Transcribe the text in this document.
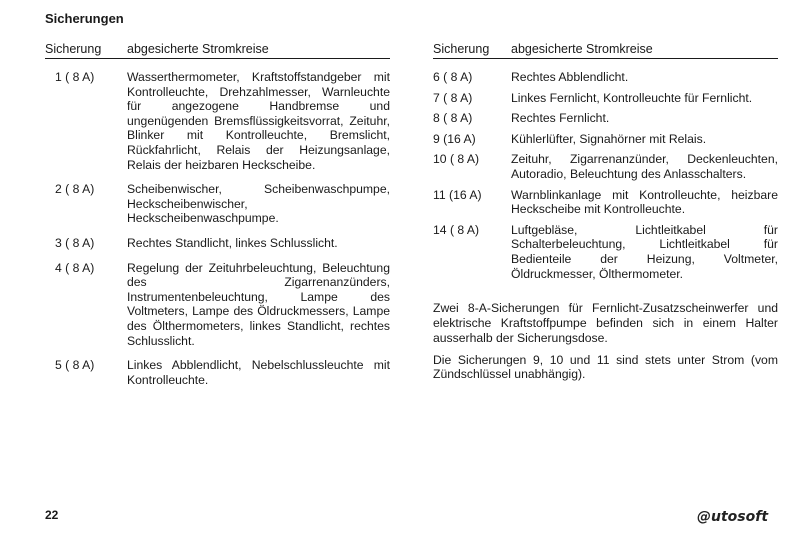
Sicherungen
Sicherung	abgesicherte Stromkreise
1 ( 8 A)	Wasserthermometer, Kraftstoffstandgeber mit Kontrolleuchte, Drehzahlmesser, Warnleuchte für angezogene Handbremse und ungenügenden Bremsflüssigkeitsvorrat, Zeituhr, Blinker mit Kontrolleuchte, Bremslicht, Rückfahrlicht, Relais der Heizungsanlage, Relais der heizbaren Heckscheibe.
2 ( 8 A)	Scheibenwischer, Scheibenwaschpumpe, Heckscheibenwischer, Heckscheibenwaschpumpe.
3 ( 8 A)	Rechtes Standlicht, linkes Schlusslicht.
4 ( 8 A)	Regelung der Zeituhrbeleuchtung, Beleuchtung des Zigarrenanzünders, Instrumentenbeleuchtung, Lampe des Voltmeters, Lampe des Öldruckmessers, Lampe des Ölthermometers, linkes Standlicht, rechtes Schlusslicht.
5 ( 8 A)	Linkes Abblendlicht, Nebelschlussleuchte mit Kontrolleuchte.
Sicherung	abgesicherte Stromkreise
6 ( 8 A)	Rechtes Abblendlicht.
7 ( 8 A)	Linkes Fernlicht, Kontrolleuchte für Fernlicht.
8 ( 8 A)	Rechtes Fernlicht.
9 (16 A)	Kühlerlüfter, Signahörner mit Relais.
10 ( 8 A)	Zeituhr, Zigarrenanzünder, Deckenleuchten, Autoradio, Beleuchtung des Anlasschalters.
11 (16 A)	Warnblinkanlage mit Kontrolleuchte, heizbare Heckscheibe mit Kontrolleuchte.
14 ( 8 A)	Luftgebläse, Lichtleitkabel für Schalterbeleuchtung, Lichtleitkabel für Bedienteile der Heizung, Voltmeter, Öldruckmesser, Ölthermometer.
Zwei 8-A-Sicherungen für Fernlicht-Zusatzscheinwerfer und elektrische Kraftstoffpumpe befinden sich in einem Halter ausserhalb der Sicherungsdose.
Die Sicherungen 9, 10 und 11 sind stets unter Strom (vom Zündschlüssel unabhängig).
22	@utosoft
